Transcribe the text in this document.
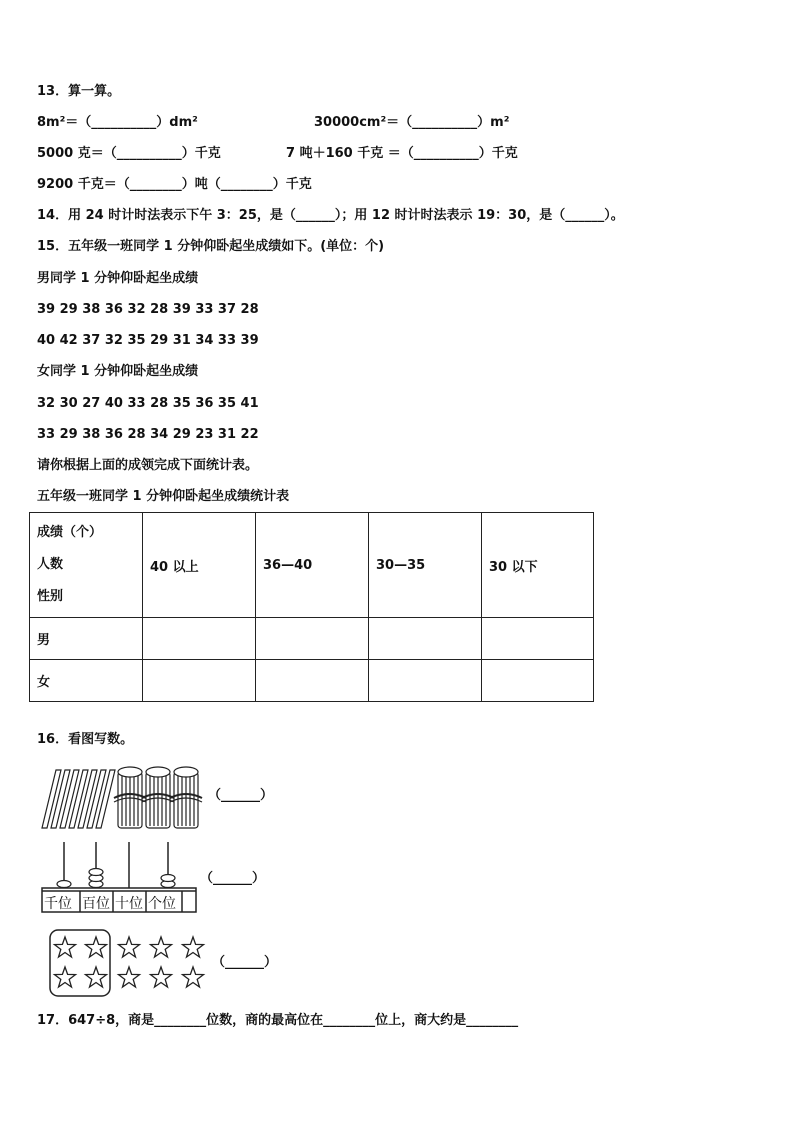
13．算一算。
8m²＝（__________）dm²	30000cm²＝（__________）m²
5000 克＝（__________）千克	7 吨＋160 千克 ＝（__________）千克
9200 千克＝（________）吨（________）千克
14．用 24 时计时法表示下午 3：25，是（______）；用 12 时计时法表示 19：30，是（______）。
15．五年级一班同学 1 分钟仰卧起坐成绩如下。(单位：个)
男同学 1 分钟仰卧起坐成绩
39 29 38 36 32 28 39 33 37 28
40 42 37 32 35 29 31 34 33 39
女同学 1 分钟仰卧起坐成绩
32 30 27 40 33 28 35 36 35 41
33 29 38 36 28 34 29 23 31 22
请你根据上面的成领完成下面统计表。
五年级一班同学 1 分钟仰卧起坐成绩统计表
成绩（个）
人数
性别	40 以上	36—40	30—35	30 以下
男				
女				
16．看图写数。
（______）
千位 百位 十位 个位
（______）
（______）
17．647÷8，商是________位数，商的最高位在________位上，商大约是________
